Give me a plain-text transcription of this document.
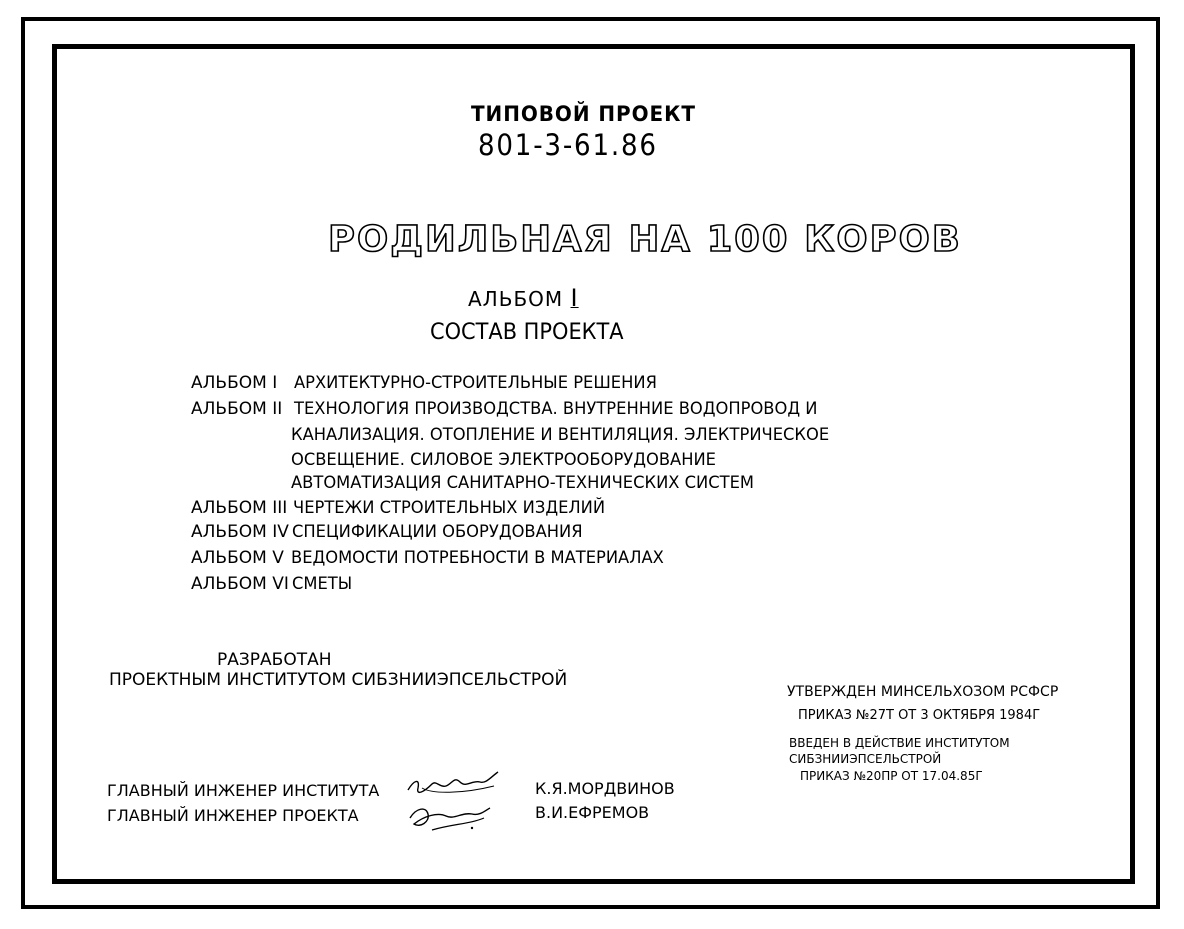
ТИПОВОЙ ПРОЕКТ
801-3-61.86
РОДИЛЬНАЯ НА 100 КОРОВ
АЛЬБОМ I
СОСТАВ ПРОЕКТА
АЛЬБОМ I АРХИТЕКТУРНО-СТРОИТЕЛЬНЫЕ РЕШЕНИЯ
АЛЬБОМ II ТЕХНОЛОГИЯ ПРОИЗВОДСТВА. ВНУТРЕННИЕ ВОДОПРОВОД И
КАНАЛИЗАЦИЯ. ОТОПЛЕНИЕ И ВЕНТИЛЯЦИЯ. ЭЛЕКТРИЧЕСКОЕ
ОСВЕЩЕНИЕ. СИЛОВОЕ ЭЛЕКТРООБОРУДОВАНИЕ
АВТОМАТИЗАЦИЯ САНИТАРНО-ТЕХНИЧЕСКИХ СИСТЕМ
АЛЬБОМ III ЧЕРТЕЖИ СТРОИТЕЛЬНЫХ ИЗДЕЛИЙ
АЛЬБОМ IV СПЕЦИФИКАЦИИ ОБОРУДОВАНИЯ
АЛЬБОМ V ВЕДОМОСТИ ПОТРЕБНОСТИ В МАТЕРИАЛАХ
АЛЬБОМ VI СМЕТЫ
РАЗРАБОТАН
ПРОЕКТНЫМ ИНСТИТУТОМ СИБЗНИИЭПСЕЛЬСТРОЙ
УТВЕРЖДЕН МИНСЕЛЬХОЗОМ РСФСР
ПРИКАЗ №27Т ОТ 3 ОКТЯБРЯ 1984Г
ВВЕДЕН В ДЕЙСТВИЕ ИНСТИТУТОМ
СИБЗНИИЭПСЕЛЬСТРОЙ
ПРИКАЗ №20ПР ОТ 17.04.85Г
ГЛАВНЫЙ ИНЖЕНЕР ИНСТИТУТА
ГЛАВНЫЙ ИНЖЕНЕР ПРОЕКТА
К.Я.МОРДВИНОВ
В.И.ЕФРЕМОВ
